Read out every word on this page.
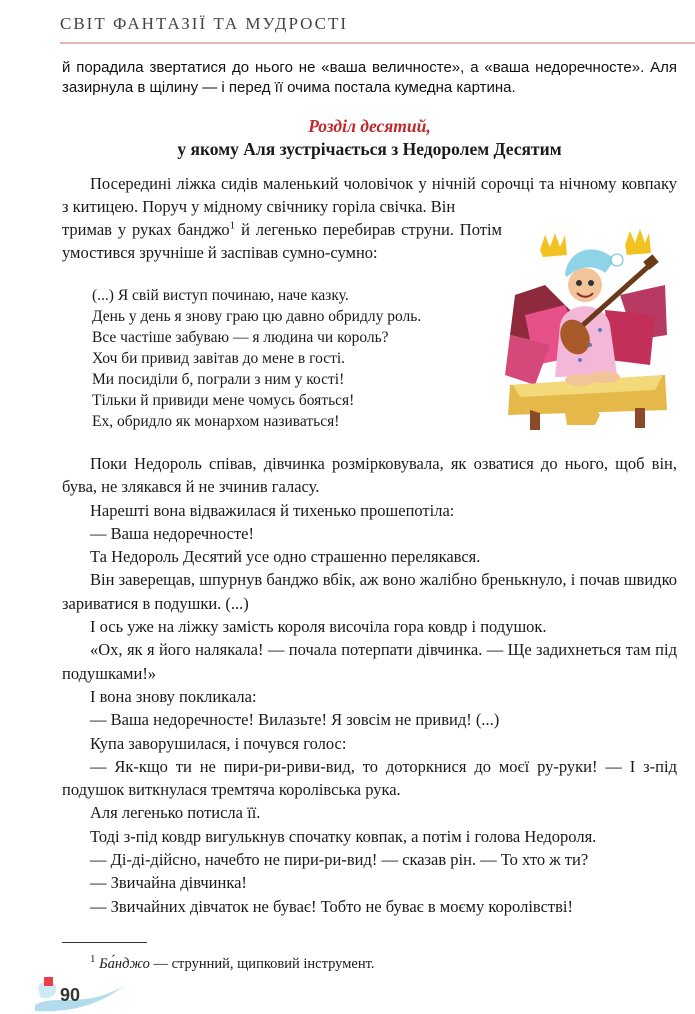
СВІТ ФАНТАЗІЇ ТА МУДРОСТІ

й порадила звертатися до нього не «ваша величносте», а «ваша недоречносте». Аля зазирнула в щілину — і перед її очима постала кумедна картина.

Розділ десятий,
у якому Аля зустрічається з Недоролем Десятим

Посередині ліжка сидів маленький чоловічок у нічній сорочці та нічному ковпаку з китицею. Поруч у мідному свічнику горіла свічка. Він

тримав у руках банджо$^1$ й легенько перебирав струни. Потім умостився зручніше й заспівав сумно-сумно:

(...) Я свій виступ починаю, наче казку.
День у день я знову граю цю давно обридлу роль.
Все частіше забуваю — я людина чи король?
Хоч би привид завітав до мене в гості.
Ми посиділи б, пограли з ним у кості!
Тільки й привиди мене чомусь бояться!
Ех, обридло як монархом називаться!

Поки Недороль співав, дівчинка розмірковувала, як озватися до нього, щоб він, бува, не злякався й не зчинив галасу.

Нарешті вона відважилася й тихенько прошепотіла:

— Ваша недоречносте!

Та Недороль Десятий усе одно страшенно перелякався.

Він заверещав, шпурнув банджо вбік, аж воно жалібно бренькнуло, і почав швидко зариватися в подушки. (...)

І ось уже на ліжку замість короля височіла гора ковдр і подушок.

«Ох, як я його налякала! — почала потерпати дівчинка. — Ще задихнеться там під подушками!»

І вона знову покликала:

— Ваша недоречносте! Вилазьте! Я зовсім не привид! (...)

Купа заворушилася, і почувся голос:

— Як-кщо ти не пири-ри-риви-вид, то доторкнися до моєї ру-руки! — І з-під подушок виткнулася тремтяча королівська рука.

Аля легенько потисла її.

Тоді з-під ковдр вигулькнув спочатку ковпак, а потім і голова Недороля.

— Ді-ді-дійсно, начебто не пири-ри-вид! — сказав рін. — То хто ж ти?

— Звичайна дівчинка!

— Звичайних дівчаток не буває! Тобто не буває в моєму королівстві!

$^1$ Ба́нджо — струнний, щипковий інструмент.
90
